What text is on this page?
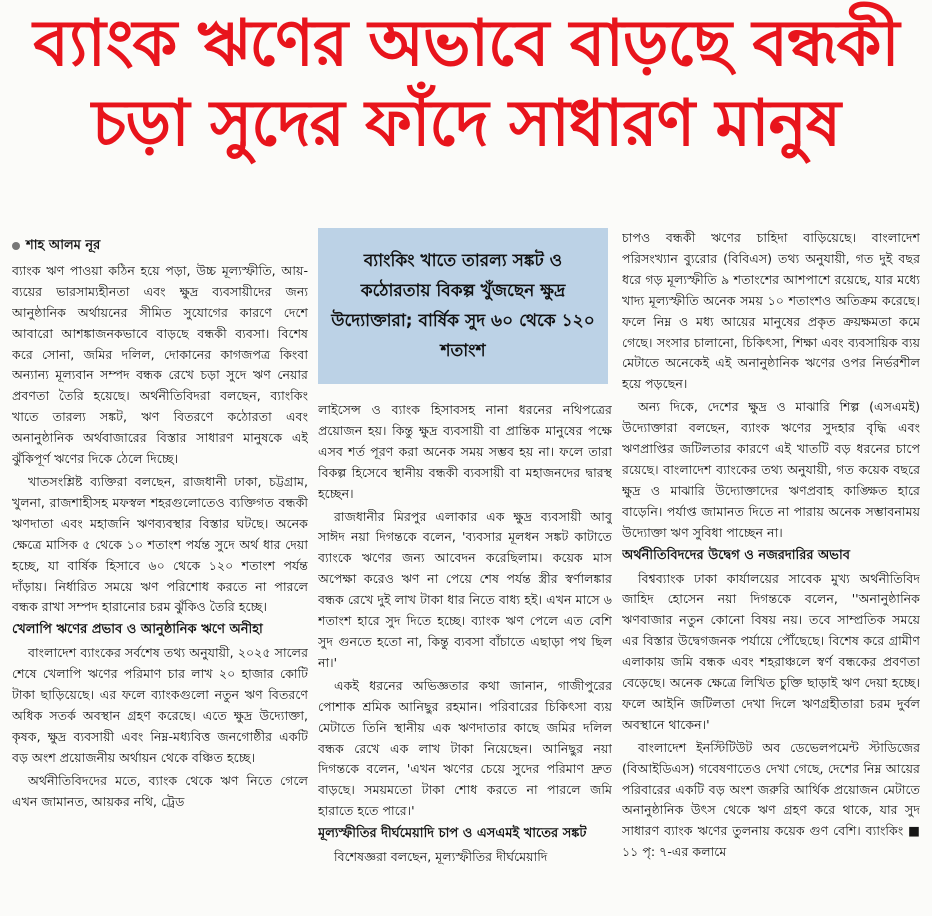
ব্যাংক ঋণের অভাবে বাড়ছে বন্ধকী
চড়া সুদের ফাঁদে সাধারণ মানুষ
শাহ আলম নূর

ব্যাংক ঋণ পাওয়া কঠিন হয়ে পড়া, উচ্চ মূল্যস্ফীতি, আয়-ব্যয়ের ভারসাম্যহীনতা এবং ক্ষুদ্র ব্যবসায়ীদের জন্য আনুষ্ঠানিক অর্থায়নের সীমিত সুযোগের কারণে দেশে আবারো আশঙ্কাজনকভাবে বাড়ছে বন্ধকী ব্যবসা। বিশেষ করে সোনা, জমির দলিল, দোকানের কাগজপত্র কিংবা অন্যান্য মূল্যবান সম্পদ বন্ধক রেখে চড়া সুদে ঋণ নেয়ার প্রবণতা তৈরি হয়েছে। অর্থনীতিবিদরা বলছেন, ব্যাংকিং খাতে তারল্য সঙ্কট, ঋণ বিতরণে কঠোরতা এবং অনানুষ্ঠানিক অর্থবাজারের বিস্তার সাধারণ মানুষকে এই ঝুঁকিপূর্ণ ঋণের দিকে ঠেলে দিচ্ছে।

খাতসংশ্লিষ্ট ব্যক্তিরা বলছেন, রাজধানী ঢাকা, চট্টগ্রাম, খুলনা, রাজশাহীসহ মফস্বল শহরগুলোতেও ব্যক্তিগত বন্ধকী ঋণদাতা এবং মহাজনি ঋণব্যবস্থার বিস্তার ঘটছে। অনেক ক্ষেত্রে মাসিক ৫ থেকে ১০ শতাংশ পর্যন্ত সুদে অর্থ ধার দেয়া হচ্ছে, যা বার্ষিক হিসাবে ৬০ থেকে ১২০ শতাংশ পর্যন্ত দাঁড়ায়। নির্ধারিত সময়ে ঋণ পরিশোধ করতে না পারলে বন্ধক রাখা সম্পদ হারানোর চরম ঝুঁকিও তৈরি হচ্ছে।

খেলাপি ঋণের প্রভাব ও আনুষ্ঠানিক ঋণে অনীহা

বাংলাদেশ ব্যাংকের সর্বশেষ তথ্য অনুযায়ী, ২০২৫ সালের শেষে খেলাপি ঋণের পরিমাণ চার লাখ ২০ হাজার কোটি টাকা ছাড়িয়েছে। এর ফলে ব্যাংকগুলো নতুন ঋণ বিতরণে অধিক সতর্ক অবস্থান গ্রহণ করেছে। এতে ক্ষুদ্র উদ্যোক্তা, কৃষক, ক্ষুদ্র ব্যবসায়ী এবং নিম্ন-মধ্যবিত্ত জনগোষ্ঠীর একটি বড় অংশ প্রয়োজনীয় অর্থায়ন থেকে বঞ্চিত হচ্ছে।

অর্থনীতিবিদদের মতে, ব্যাংক থেকে ঋণ নিতে গেলে এখন জামানত, আয়কর নথি, ট্রেড

ব্যাংকিং খাতে তারল্য সঙ্কট ও কঠোরতায় বিকল্প খুঁজছেন ক্ষুদ্র উদ্যোক্তারা; বার্ষিক সুদ ৬০ থেকে ১২০ শতাংশ

লাইসেন্স ও ব্যাংক হিসাবসহ নানা ধরনের নথিপত্রের প্রয়োজন হয়। কিন্তু ক্ষুদ্র ব্যবসায়ী বা প্রান্তিক মানুষের পক্ষে এসব শর্ত পূরণ করা অনেক সময় সম্ভব হয় না। ফলে তারা বিকল্প হিসেবে স্থানীয় বন্ধকী ব্যবসায়ী বা মহাজনদের দ্বারস্থ হচ্ছেন।

রাজধানীর মিরপুর এলাকার এক ক্ষুদ্র ব্যবসায়ী আবু সাঈদ নয়া দিগন্তকে বলেন, 'ব্যবসার মূলধন সঙ্কট কাটাতে ব্যাংকে ঋণের জন্য আবেদন করেছিলাম। কয়েক মাস অপেক্ষা করেও ঋণ না পেয়ে শেষ পর্যন্ত স্ত্রীর স্বর্ণালঙ্কার বন্ধক রেখে দুই লাখ টাকা ধার নিতে বাধ্য হই। এখন মাসে ৬ শতাংশ হারে সুদ দিতে হচ্ছে। ব্যাংক ঋণ পেলে এত বেশি সুদ গুনতে হতো না, কিন্তু ব্যবসা বাঁচাতে এছাড়া পথ ছিল না।'

একই ধরনের অভিজ্ঞতার কথা জানান, গাজীপুরের পোশাক শ্রমিক আনিছুর রহমান। পরিবারের চিকিৎসা ব্যয় মেটাতে তিনি স্থানীয় এক ঋণদাতার কাছে জমির দলিল বন্ধক রেখে এক লাখ টাকা নিয়েছেন। আনিছুর নয়া দিগন্তকে বলেন, 'এখন ঋণের চেয়ে সুদের পরিমাণ দ্রুত বাড়ছে। সময়মতো টাকা শোধ করতে না পারলে জমি হারাতে হতে পারে।'

মূল্যস্ফীতির দীর্ঘমেয়াদি চাপ ও এসএমই খাতের সঙ্কট

বিশেষজ্ঞরা বলছেন, মূল্যস্ফীতির দীর্ঘমেয়াদি

চাপও বন্ধকী ঋণের চাহিদা বাড়িয়েছে। বাংলাদেশ পরিসংখ্যান ব্যুরোর (বিবিএস) তথ্য অনুযায়ী, গত দুই বছর ধরে গড় মূল্যস্ফীতি ৯ শতাংশের আশপাশে রয়েছে, যার মধ্যে খাদ্য মূল্যস্ফীতি অনেক সময় ১০ শতাংশও অতিক্রম করেছে। ফলে নিম্ন ও মধ্য আয়ের মানুষের প্রকৃত ক্রয়ক্ষমতা কমে গেছে। সংসার চালানো, চিকিৎসা, শিক্ষা এবং ব্যবসায়িক ব্যয় মেটাতে অনেকেই এই অনানুষ্ঠানিক ঋণের ওপর নির্ভরশীল হয়ে পড়ছেন।

অন্য দিকে, দেশের ক্ষুদ্র ও মাঝারি শিল্প (এসএমই) উদ্যোক্তারা বলছেন, ব্যাংক ঋণের সুদহার বৃদ্ধি এবং ঋণপ্রাপ্তির জটিলতার কারণে এই খাতটি বড় ধরনের চাপে রয়েছে। বাংলাদেশ ব্যাংকের তথ্য অনুযায়ী, গত কয়েক বছরে ক্ষুদ্র ও মাঝারি উদ্যোক্তাদের ঋণপ্রবাহ কাঙ্ক্ষিত হারে বাড়েনি। পর্যাপ্ত জামানত দিতে না পারায় অনেক সম্ভাবনাময় উদ্যোক্তা ঋণ সুবিধা পাচ্ছেন না।

অর্থনীতিবিদদের উদ্বেগ ও নজরদারির অভাব

বিশ্বব্যাংক ঢাকা কার্যালয়ের সাবেক মুখ্য অর্থনীতিবিদ জাহিদ হোসেন নয়া দিগন্তকে বলেন, ''অনানুষ্ঠানিক ঋণবাজার নতুন কোনো বিষয় নয়। তবে সাম্প্রতিক সময়ে এর বিস্তার উদ্বেগজনক পর্যায়ে পৌঁছেছে। বিশেষ করে গ্রামীণ এলাকায় জমি বন্ধক এবং শহরাঞ্চলে স্বর্ণ বন্ধকের প্রবণতা বেড়েছে। অনেক ক্ষেত্রে লিখিত চুক্তি ছাড়াই ঋণ দেয়া হচ্ছে। ফলে আইনি জটিলতা দেখা দিলে ঋণগ্রহীতারা চরম দুর্বল অবস্থানে থাকেন।'

বাংলাদেশ ইনস্টিটিউট অব ডেভেলপমেন্ট স্টাডিজের (বিআইডিএস) গবেষণাতেও দেখা গেছে, দেশের নিম্ন আয়ের পরিবারের একটি বড় অংশ জরুরি আর্থিক প্রয়োজন মেটাতে অনানুষ্ঠানিক উৎস থেকে ঋণ গ্রহণ করে থাকে, যার সুদ সাধারণ ব্যাংক ঋণের তুলনায় কয়েক গুণ বেশি। ব্যাংকিং ■ ১১ পৃ: ৭-এর কলামে
